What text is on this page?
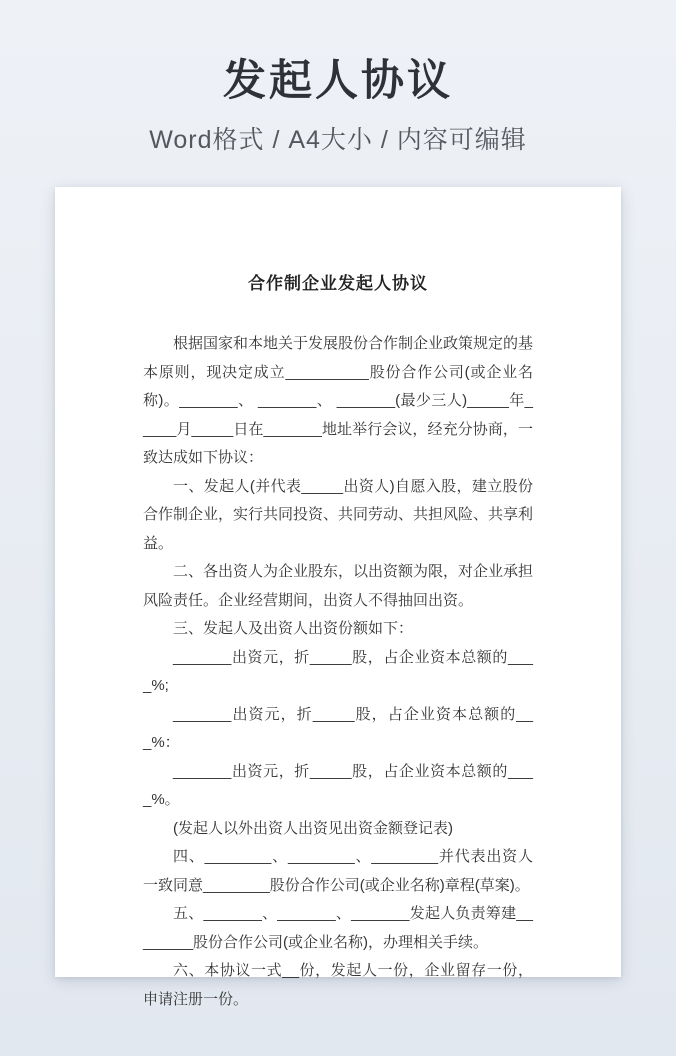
发起人协议
Word格式 / A4大小 / 内容可编辑
合作制企业发起人协议

根据国家和本地关于发展股份合作制企业政策规定的基本原则，现决定成立__________股份合作公司(或企业名称)。_______、 _______、 _______(最少三人)_____年_____月_____日在_______地址举行会议，经充分协商，一致达成如下协议：

一、发起人(并代表_____出资人)自愿入股，建立股份合作制企业，实行共同投资、共同劳动、共担风险、共享利益。

二、各出资人为企业股东，以出资额为限，对企业承担风险责任。企业经营期间，出资人不得抽回出资。

三、发起人及出资人出资份额如下：

_______出资元，折_____股，占企业资本总额的____%;

_______出资元，折_____股，占企业资本总额的___%：

_______出资元，折_____股，占企业资本总额的____%。

(发起人以外出资人出资见出资金额登记表)

四、________、________、________并代表出资人一致同意________股份合作公司(或企业名称)章程(草案)。

五、_______、_______、_______发起人负责筹建________股份合作公司(或企业名称)，办理相关手续。

六、本协议一式__份，发起人一份，企业留存一份，申请注册一份。
